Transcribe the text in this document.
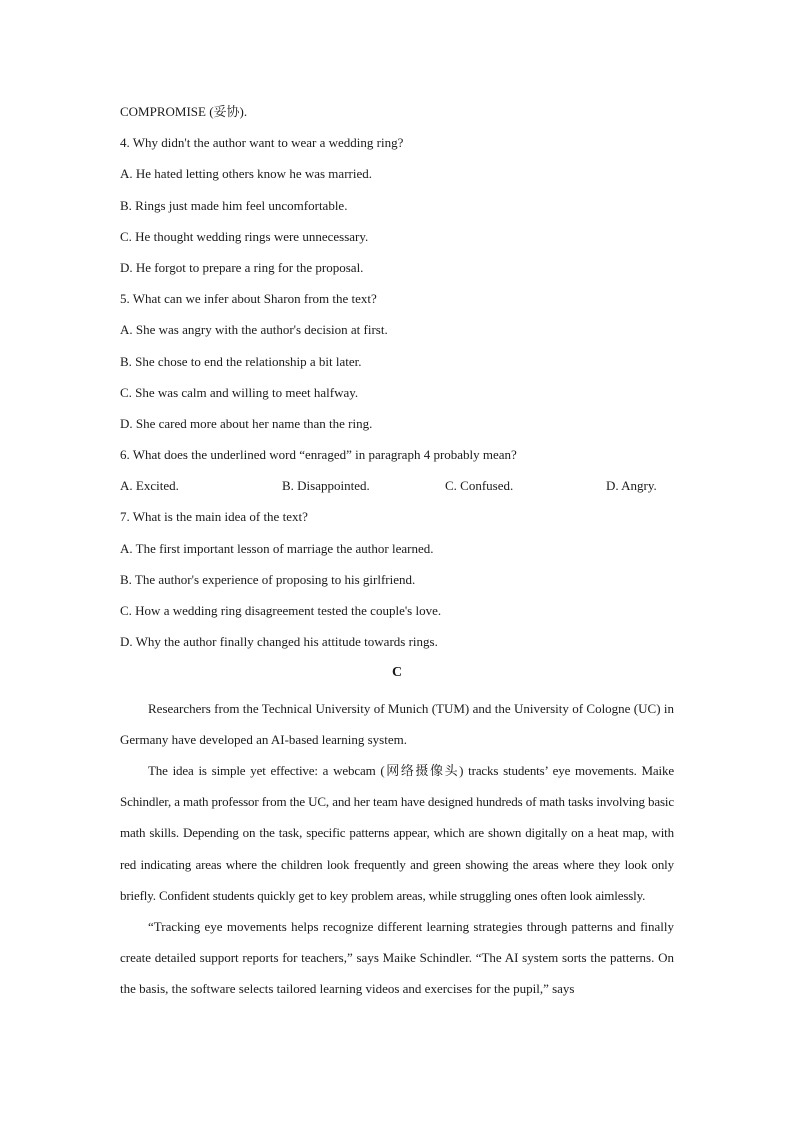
COMPROMISE (妥协).
4. Why didn't the author want to wear a wedding ring?
A. He hated letting others know he was married.
B. Rings just made him feel uncomfortable.
C. He thought wedding rings were unnecessary.
D. He forgot to prepare a ring for the proposal.
5. What can we infer about Sharon from the text?
A. She was angry with the author's decision at first.
B. She chose to end the relationship a bit later.
C. She was calm and willing to meet halfway.
D. She cared more about her name than the ring.
6. What does the underlined word “enraged” in paragraph 4 probably mean?
A. Excited.	B. Disappointed.	C. Confused.	D. Angry.
7. What is the main idea of the text?
A. The first important lesson of marriage the author learned.
B. The author's experience of proposing to his girlfriend.
C. How a wedding ring disagreement tested the couple's love.
D. Why the author finally changed his attitude towards rings.
C

Researchers from the Technical University of Munich (TUM) and the University of Cologne (UC) in Germany have developed an AI-based learning system.

The idea is simple yet effective: a webcam (网络摄像头) tracks students’ eye movements. Maike Schindler, a math professor from the UC, and her team have designed hundreds of math tasks involving basic math skills. Depending on the task, specific patterns appear, which are shown digitally on a heat map, with red indicating areas where the children look frequently and green showing the areas where they look only briefly. Confident students quickly get to key problem areas, while struggling ones often look aimlessly.

“Tracking eye movements helps recognize different learning strategies through patterns and finally create detailed support reports for teachers,” says Maike Schindler. “The AI system sorts the patterns. On the basis, the software selects tailored learning videos and exercises for the pupil,” says
